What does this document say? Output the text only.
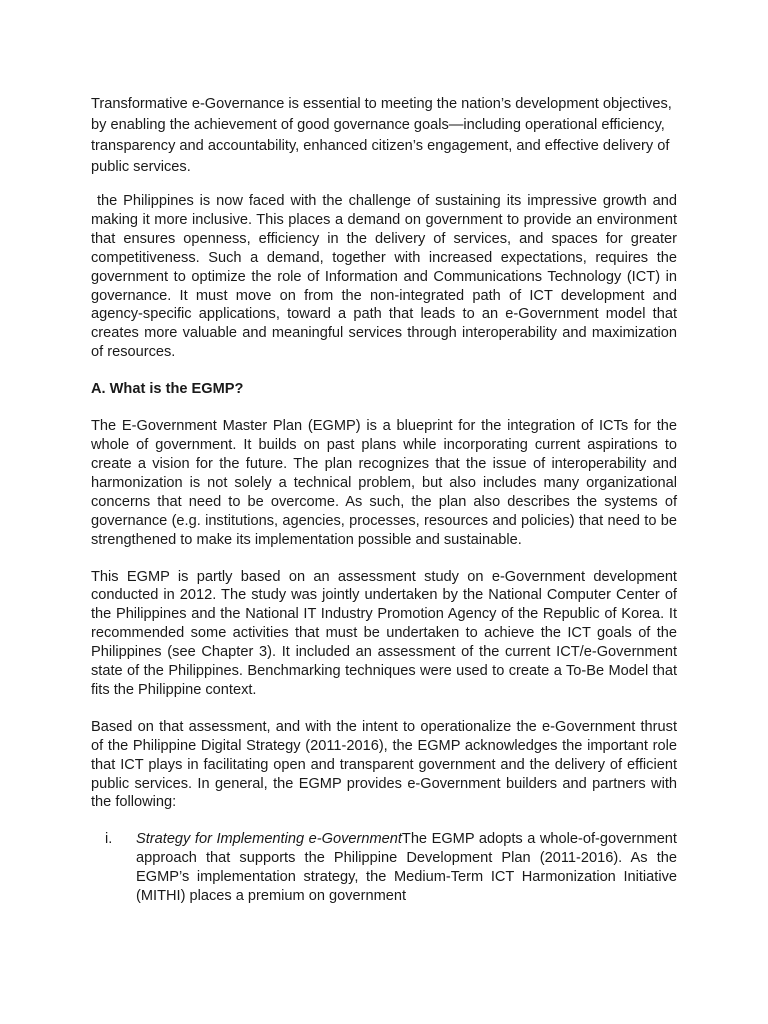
Transformative e-Governance is essential to meeting the nation’s development objectives, by enabling the achievement of good governance goals—including operational efficiency, transparency and accountability, enhanced citizen’s engagement, and effective delivery of public services.

the Philippines is now faced with the challenge of sustaining its impressive growth and making it more inclusive. This places a demand on government to provide an environment that ensures openness, efficiency in the delivery of services, and spaces for greater competitiveness. Such a demand, together with increased expectations, requires the government to optimize the role of Information and Communications Technology (ICT) in governance. It must move on from the non-integrated path of ICT development and agency-specific applications, toward a path that leads to an e-Government model that creates more valuable and meaningful services through interoperability and maximization of resources.

A. What is the EGMP?

The E-Government Master Plan (EGMP) is a blueprint for the integration of ICTs for the whole of government. It builds on past plans while incorporating current aspirations to create a vision for the future. The plan recognizes that the issue of interoperability and harmonization is not solely a technical problem, but also includes many organizational concerns that need to be overcome. As such, the plan also describes the systems of governance (e.g. institutions, agencies, processes, resources and policies) that need to be strengthened to make its implementation possible and sustainable.

This EGMP is partly based on an assessment study on e-Government development conducted in 2012. The study was jointly undertaken by the National Computer Center of the Philippines and the National IT Industry Promotion Agency of the Republic of Korea. It recommended some activities that must be undertaken to achieve the ICT goals of the Philippines (see Chapter 3). It included an assessment of the current ICT/e-Government state of the Philippines. Benchmarking techniques were used to create a To-Be Model that fits the Philippine context.

Based on that assessment, and with the intent to operationalize the e-Government thrust of the Philippine Digital Strategy (2011-2016), the EGMP acknowledges the important role that ICT plays in facilitating open and transparent government and the delivery of efficient public services. In general, the EGMP provides e-Government builders and partners with the following:

i. Strategy for Implementing e-GovernmentThe EGMP adopts a whole-of-government approach that supports the Philippine Development Plan (2011-2016). As the EGMP’s implementation strategy, the Medium-Term ICT Harmonization Initiative (MITHI) places a premium on government
